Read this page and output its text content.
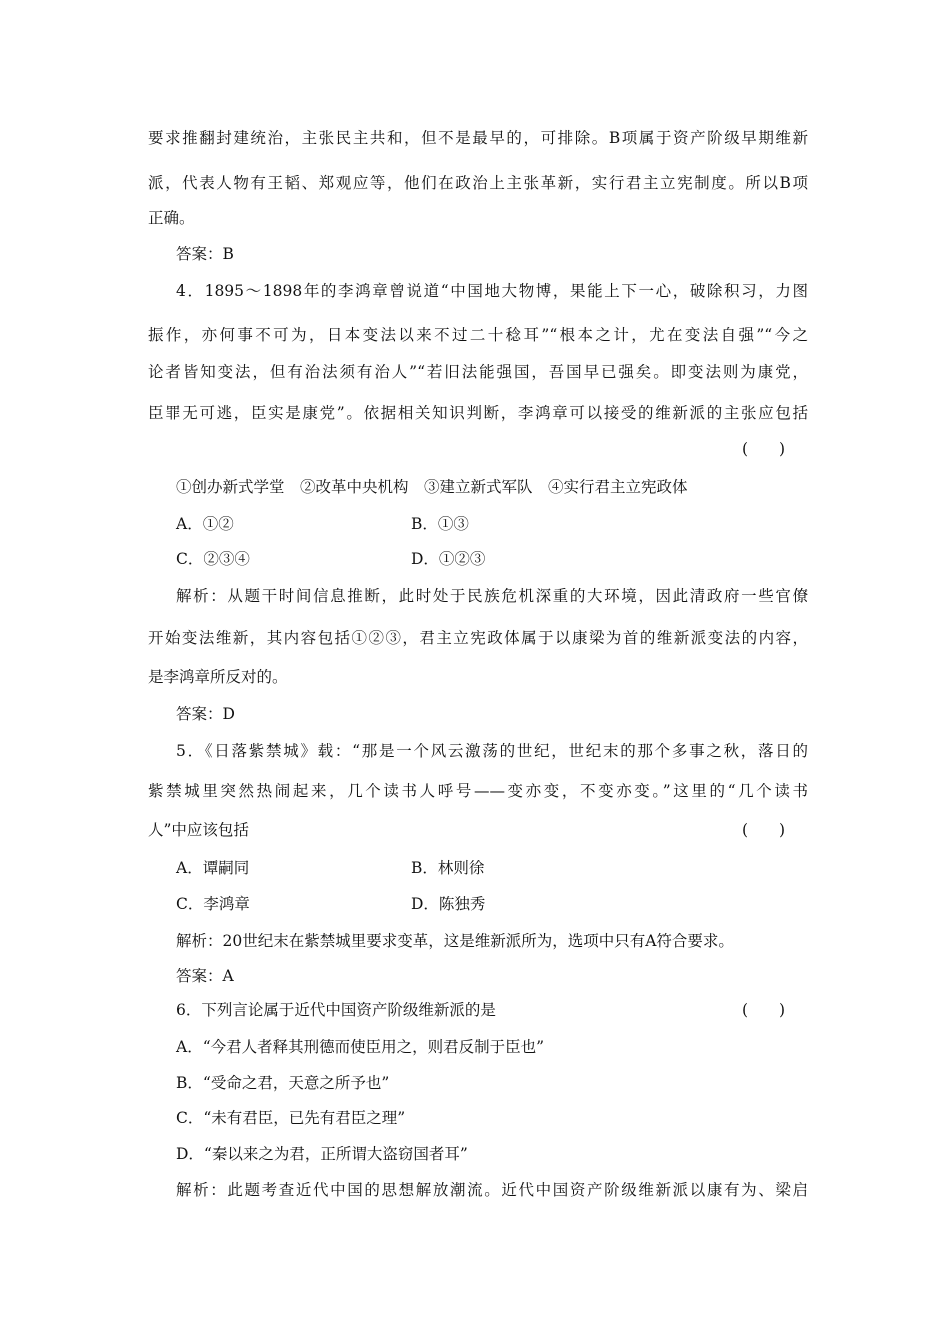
要求推翻封建统治，主张民主共和，但不是最早的，可排除。B项属于资产阶级早期维新
派，代表人物有王韬、郑观应等，他们在政治上主张革新，实行君主立宪制度。所以B项
正确。
答案：B
4．1895～1898年的李鸿章曾说道“中国地大物博，果能上下一心，破除积习，力图
振作，亦何事不可为，日本变法以来不过二十稔耳”“根本之计，尤在变法自强”“今之
论者皆知变法，但有治法须有治人”“若旧法能强国，吾国早已强矣。即变法则为康党，
臣罪无可逃，臣实是康党”。依据相关知识判断，李鸿章可以接受的维新派的主张应包括
(　　)
①创办新式学堂　②改革中央机构　③建立新式军队　④实行君主立宪政体
A．①②	B．①③
C．②③④	D．①②③
解析：从题干时间信息推断，此时处于民族危机深重的大环境，因此清政府一些官僚
开始变法维新，其内容包括①②③，君主立宪政体属于以康梁为首的维新派变法的内容，
是李鸿章所反对的。
答案：D
5．《日落紫禁城》载：“那是一个风云激荡的世纪，世纪末的那个多事之秋，落日的
紫禁城里突然热闹起来，几个读书人呼号——变亦变，不变亦变。”这里的“几个读书
人”中应该包括	(　　)
A．谭嗣同	B．林则徐
C．李鸿章	D．陈独秀
解析：20世纪末在紫禁城里要求变革，这是维新派所为，选项中只有A符合要求。
答案：A
6．下列言论属于近代中国资产阶级维新派的是	(　　)
A．“今君人者释其刑德而使臣用之，则君反制于臣也”
B．“受命之君，天意之所予也”
C．“未有君臣，已先有君臣之理”
D．“秦以来之为君，正所谓大盗窃国者耳”
解析：此题考查近代中国的思想解放潮流。近代中国资产阶级维新派以康有为、梁启
